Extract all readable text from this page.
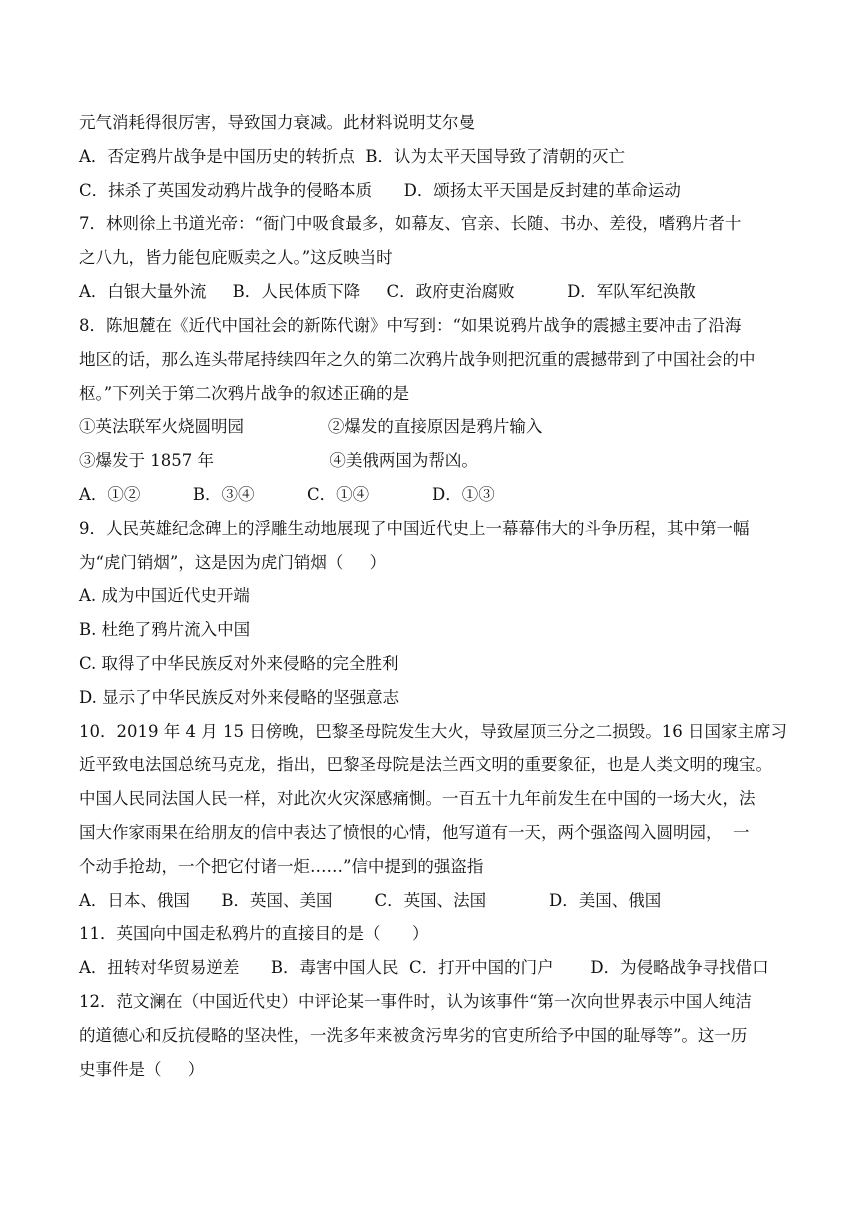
元气消耗得很厉害，导致国力衰减。此材料说明艾尔曼

A．否定鸦片战争是中国历史的转折点  B．认为太平天国导致了清朝的灭亡

C．抹杀了英国发动鸦片战争的侵略本质      D．颂扬太平天国是反封建的革命运动

7．林则徐上书道光帝：“衙门中吸食最多，如幕友、官亲、长随、书办、差役，嗜鸦片者十

之八九，皆力能包庇贩卖之人。”这反映当时

A．白银大量外流     B．人民体质下降     C．政府吏治腐败          D．军队军纪涣散

8．陈旭麓在《近代中国社会的新陈代谢》中写到：“如果说鸦片战争的震撼主要冲击了沿海

地区的话，那么连头带尾持续四年之久的第二次鸦片战争则把沉重的震撼带到了中国社会的中

枢。”下列关于第二次鸦片战争的叙述正确的是

①英法联军火烧圆明园                ②爆发的直接原因是鸦片输入

③爆发于 1857 年                      ④美俄两国为帮凶。

A．①②          B．③④          C．①④            D．①③

9．人民英雄纪念碑上的浮雕生动地展现了中国近代史上一幕幕伟大的斗争历程，其中第一幅

为“虎门销烟”，这是因为虎门销烟（     ）

A. 成为中国近代史开端

B. 杜绝了鸦片流入中国

C. 取得了中华民族反对外来侵略的完全胜利

D. 显示了中华民族反对外来侵略的坚强意志

10．2019 年 4 月 15 日傍晚，巴黎圣母院发生大火，导致屋顶三分之二损毁。16 日国家主席习

近平致电法国总统马克龙，指出，巴黎圣母院是法兰西文明的重要象征，也是人类文明的瑰宝。

中国人民同法国人民一样，对此次火灾深感痛惻。一百五十九年前发生在中国的一场大火，法

国大作家雨果在给朋友的信中表达了愤恨的心情，他写道有一天，两个强盗闯入圆明园，  一

个动手抢劫，一个把它付诸一炬……”信中提到的强盗指

A．日本、俄国      B．英国、美国        C．英国、法国            D．美国、俄国

11．英国向中国走私鸦片的直接目的是（      ）

A．扭转对华贸易逆差      B．毒害中国人民  C．打开中国的门户       D．为侵略战争寻找借口

12．范文澜在（中国近代史）中评论某一事件时，认为该事件“第一次向世界表示中国人纯洁

的道德心和反抗侵略的坚决性，一洗多年来被贪污卑劣的官吏所给予中国的耻辱等”。这一历

史事件是（     ）
